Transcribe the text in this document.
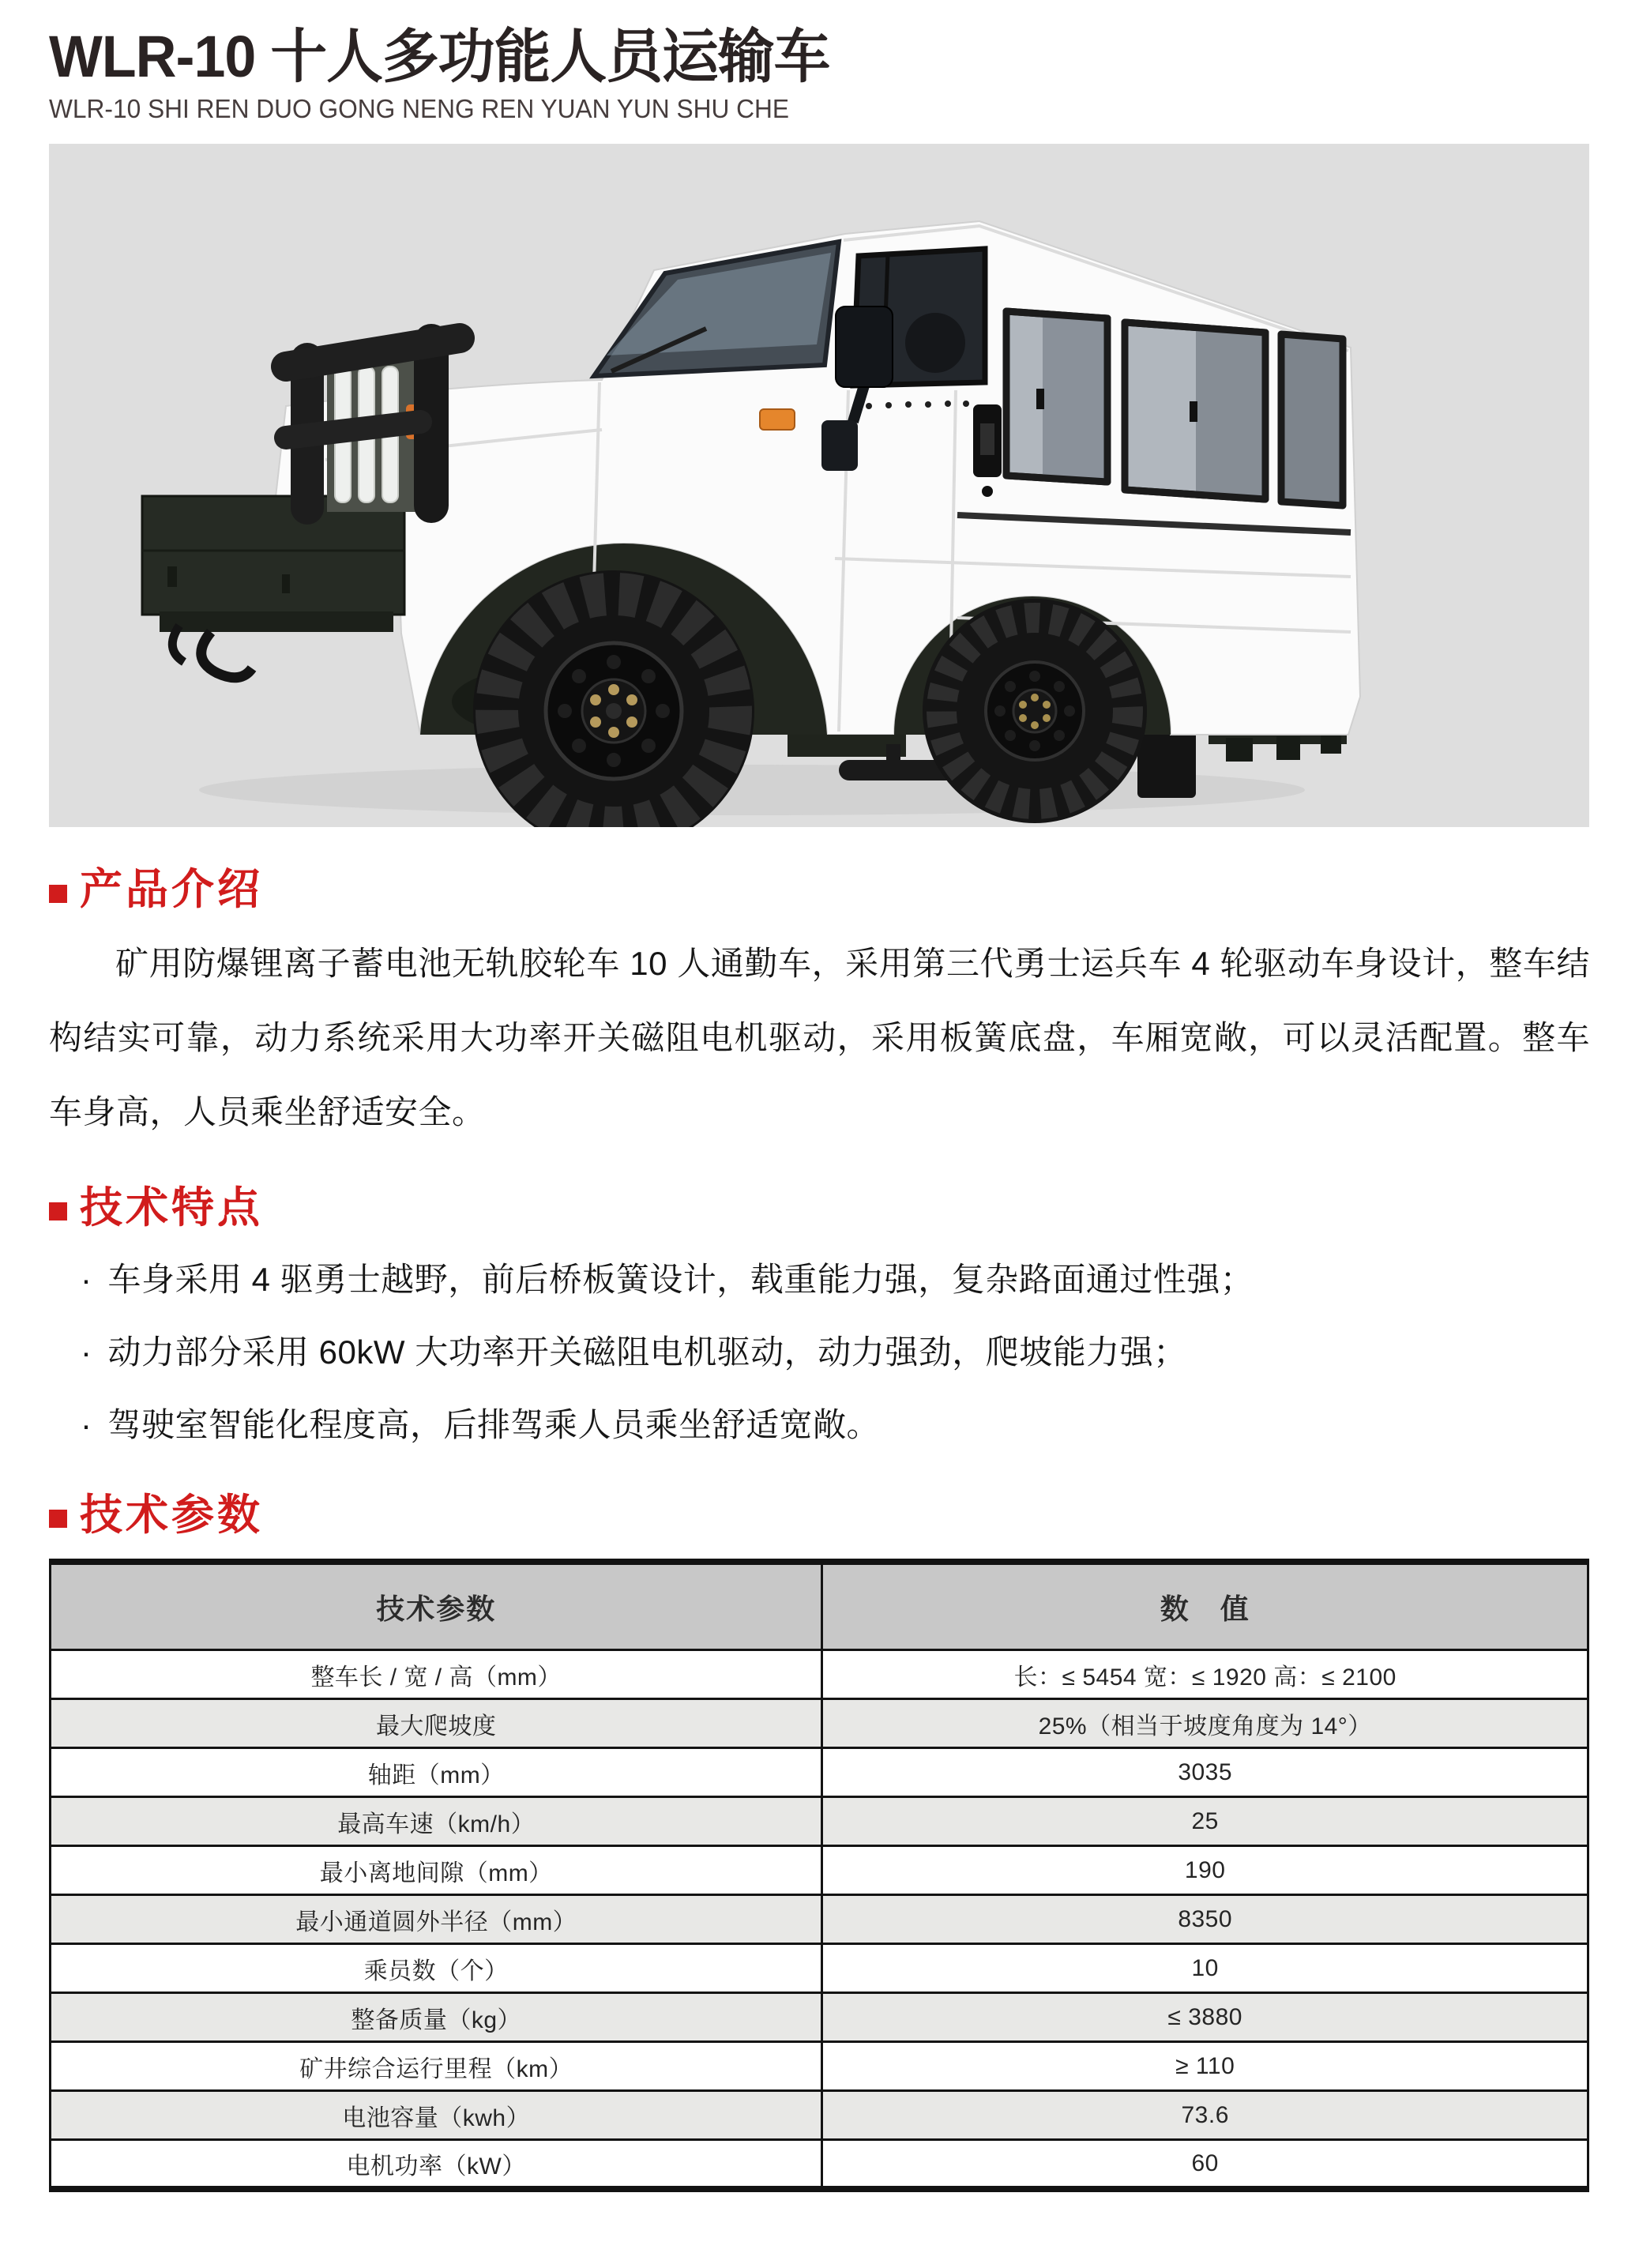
WLR-10 十人多功能人员运输车
WLR-10 SHI REN DUO GONG NENG REN YUAN YUN SHU CHE
产品介绍

矿用防爆锂离子蓄电池无轨胶轮车 10 人通勤车，采用第三代勇士运兵车 4 轮驱动车身设计，整车结构结实可靠，动力系统采用大功率开关磁阻电机驱动，采用板簧底盘，车厢宽敞，可以灵活配置。整车车身高，人员乘坐舒适安全。

技术特点
· 车身采用 4 驱勇士越野，前后桥板簧设计，载重能力强，复杂路面通过性强；
· 动力部分采用 60kW 大功率开关磁阻电机驱动，动力强劲，爬坡能力强；
· 驾驶室智能化程度高，后排驾乘人员乘坐舒适宽敞。
技术参数
技术参数	数　值
整车长 / 宽 / 高（mm）	长：≤ 5454 宽：≤ 1920 高：≤ 2100
最大爬坡度	25%（相当于坡度角度为 14°）
轴距（mm）	3035
最高车速（km/h）	25
最小离地间隙（mm）	190
最小通道圆外半径（mm）	8350
乘员数（个）	10
整备质量（kg）	≤ 3880
矿井综合运行里程（km）	≥ 110
电池容量（kwh）	73.6
电机功率（kW）	60
